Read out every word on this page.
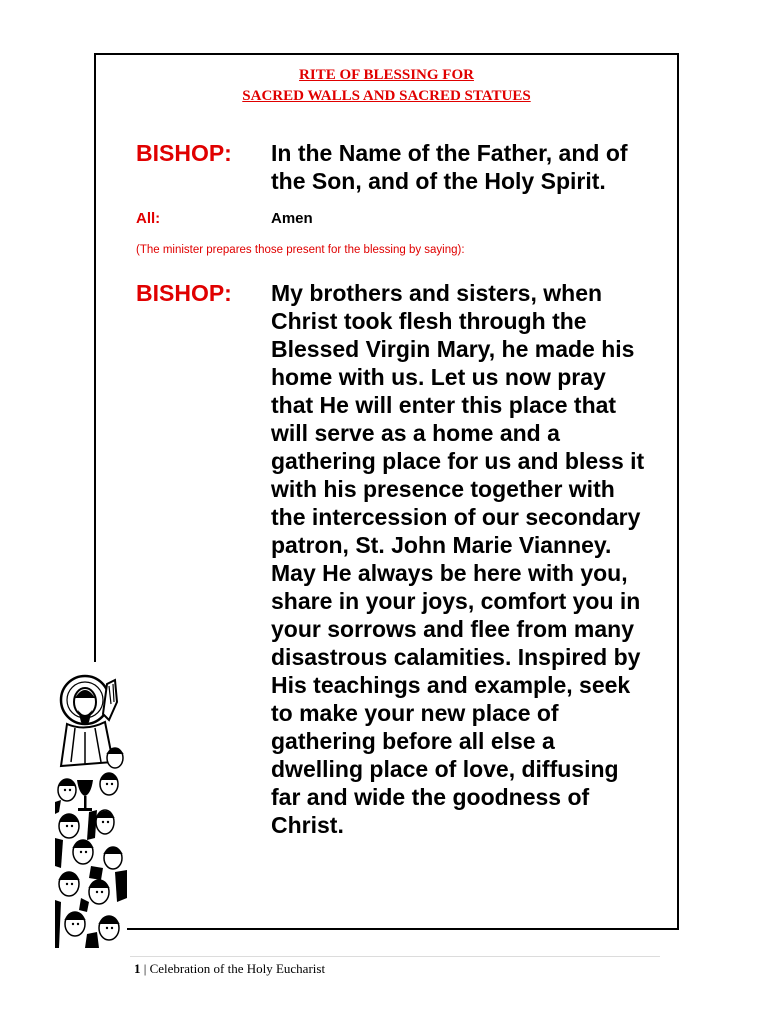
RITE OF BLESSING FOR
SACRED WALLS AND SACRED STATUES
BISHOP: In the Name of the Father, and of
the Son, and of the Holy Spirit.
All:	Amen
(The minister prepares those present for the blessing by saying):
BISHOP: My brothers and sisters, when
Christ took flesh through the
Blessed Virgin Mary, he made his
home with us. Let us now pray
that He will enter this place that
will serve as a home and a
gathering place for us and bless it
with his presence together with
the intercession of our secondary
patron, St. John Marie Vianney.
May He always be here with you,
share in your joys, comfort you in
your sorrows and flee from many
disastrous calamities. Inspired by
His teachings and example, seek
to make your new place of
gathering before all else a
dwelling place of love, diffusing
far and wide the goodness of
Christ.
1 | Celebration of the Holy Eucharist
